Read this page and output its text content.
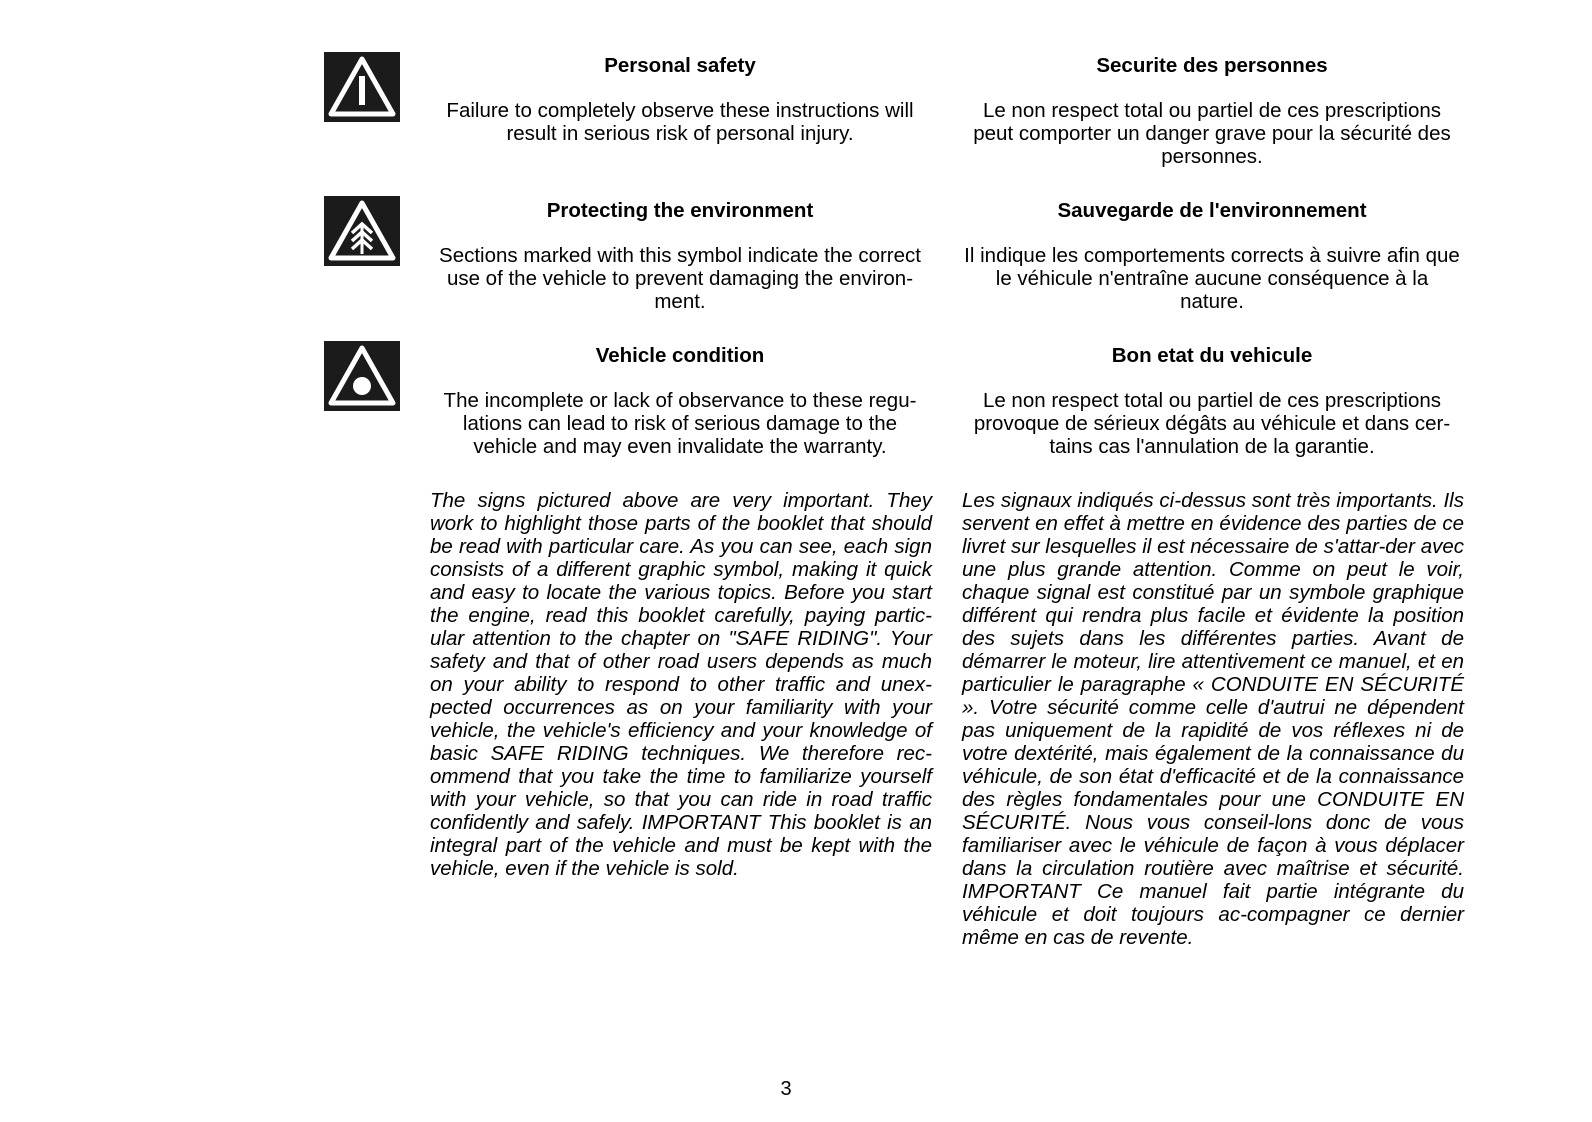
Personal safety

Failure to completely observe these instructions will result in serious risk of personal injury.

Securite des personnes

Le non respect total ou partiel de ces prescriptions peut comporter un danger grave pour la sécurité des personnes.

Protecting the environment

Sections marked with this symbol indicate the correct use of the vehicle to prevent damaging the environ-ment.

Sauvegarde de l'environnement

Il indique les comportements corrects à suivre afin que le véhicule n'entraîne aucune conséquence à la nature.

Vehicle condition

The incomplete or lack of observance to these regu-lations can lead to risk of serious damage to the vehicle and may even invalidate the warranty.

Bon etat du vehicule

Le non respect total ou partiel de ces prescriptions provoque de sérieux dégâts au véhicule et dans cer-tains cas l'annulation de la garantie.

The signs pictured above are very important. They work to highlight those parts of the booklet that should be read with particular care. As you can see, each sign consists of a different graphic symbol, making it quick and easy to locate the various topics. Before you start the engine, read this booklet carefully, paying partic-ular attention to the chapter on "SAFE RIDING". Your safety and that of other road users depends as much on your ability to respond to other traffic and unex-pected occurrences as on your familiarity with your vehicle, the vehicle's efficiency and your knowledge of basic SAFE RIDING techniques. We therefore rec-ommend that you take the time to familiarize yourself with your vehicle, so that you can ride in road traffic confidently and safely. IMPORTANT This booklet is an integral part of the vehicle and must be kept with the vehicle, even if the vehicle is sold.

Les signaux indiqués ci-dessus sont très importants. Ils servent en effet à mettre en évidence des parties de ce livret sur lesquelles il est nécessaire de s'attar-der avec une plus grande attention. Comme on peut le voir, chaque signal est constitué par un symbole graphique différent qui rendra plus facile et évidente la position des sujets dans les différentes parties. Avant de démarrer le moteur, lire attentivement ce manuel, et en particulier le paragraphe « CONDUITE EN SÉCURITÉ ». Votre sécurité comme celle d'autrui ne dépendent pas uniquement de la rapidité de vos réflexes ni de votre dextérité, mais également de la connaissance du véhicule, de son état d'efficacité et de la connaissance des règles fondamentales pour une CONDUITE EN SÉCURITÉ. Nous vous conseil-lons donc de vous familiariser avec le véhicule de façon à vous déplacer dans la circulation routière avec maîtrise et sécurité. IMPORTANT Ce manuel fait partie intégrante du véhicule et doit toujours ac-compagner ce dernier même en cas de revente.

3
